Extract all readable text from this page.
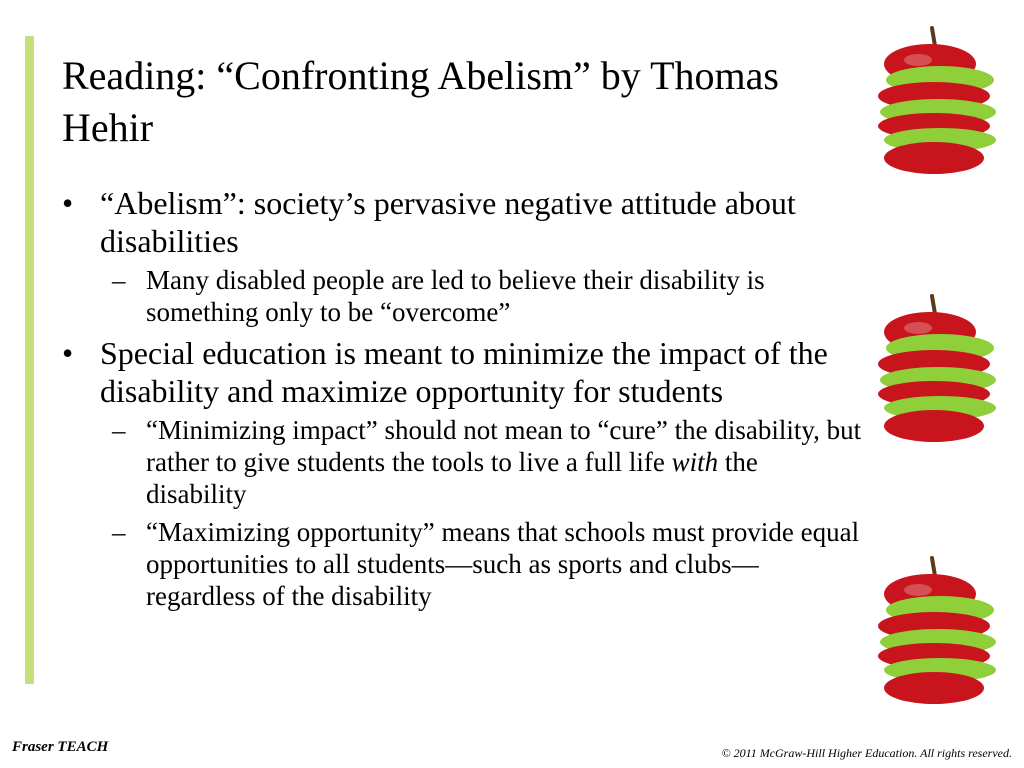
Reading: “Confronting Abelism” by Thomas Hehir
• “Abelism”: society’s pervasive negative attitude about disabilities
– Many disabled people are led to believe their disability is something only to be “overcome”
• Special education is meant to minimize the impact of the disability and maximize opportunity for students
– “Minimizing impact” should not mean to “cure” the disability, but rather to give students the tools to live a full life with the disability
– “Maximizing opportunity” means that schools must provide equal opportunities to all students—such as sports and clubs—regardless of the disability
Fraser TEACH	© 2011 McGraw-Hill Higher Education. All rights reserved.
